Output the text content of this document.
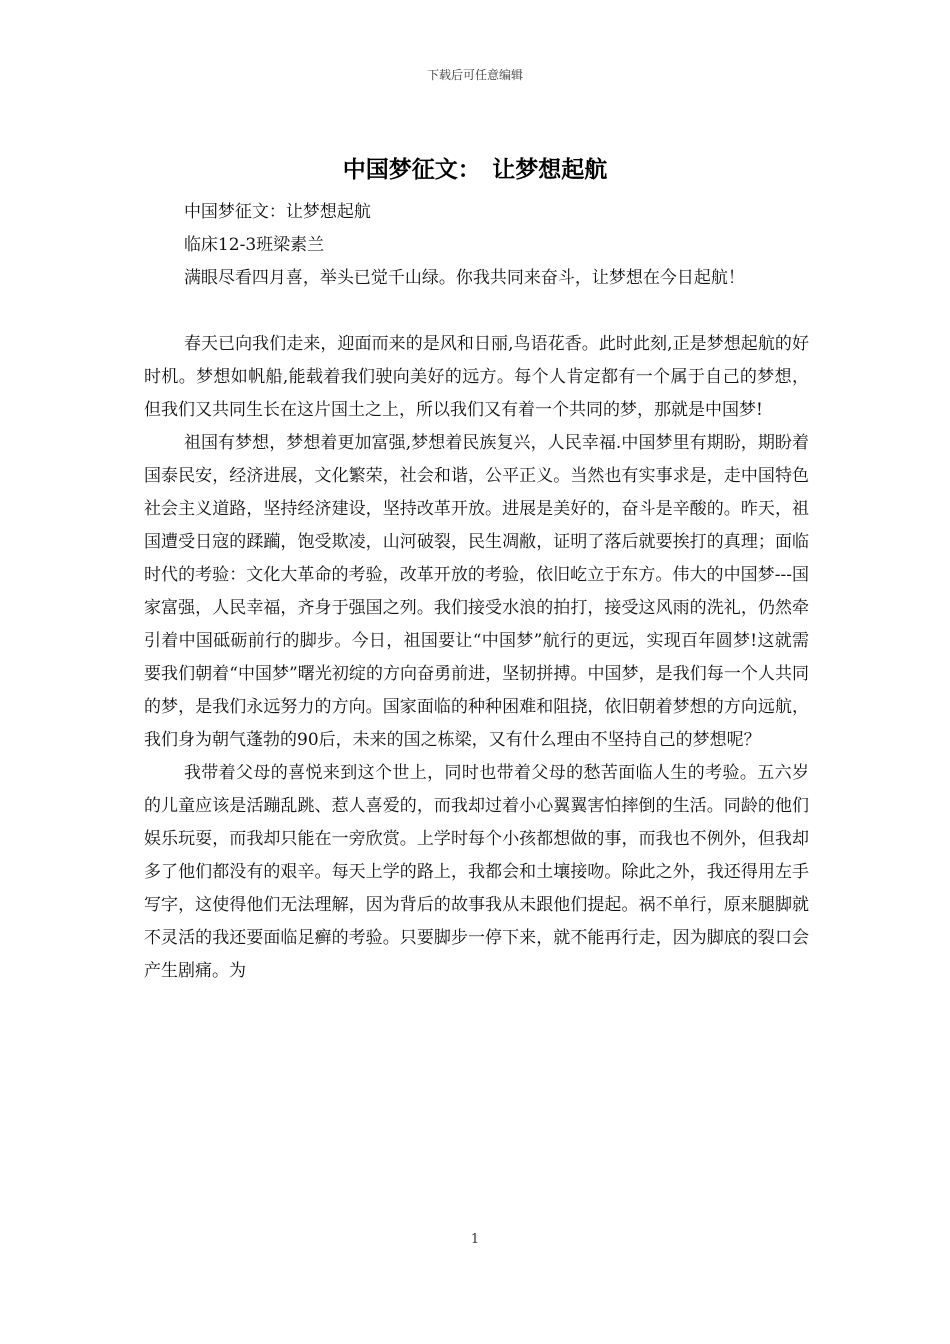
下载后可任意编辑
中国梦征文：　让梦想起航

中国梦征文：让梦想起航

临床12-3班梁素兰

满眼尽看四月喜，举头已觉千山绿。你我共同来奋斗，让梦想在今日起航！

春天已向我们走来，迎面而来的是风和日丽,鸟语花香。此时此刻,正是梦想起航的好时机。梦想如帆船,能载着我们驶向美好的远方。每个人肯定都有一个属于自己的梦想，但我们又共同生长在这片国土之上，所以我们又有着一个共同的梦，那就是中国梦!

祖国有梦想，梦想着更加富强,梦想着民族复兴，人民幸福.中国梦里有期盼，期盼着国泰民安，经济进展，文化繁荣，社会和谐，公平正义。当然也有实事求是，走中国特色社会主义道路，坚持经济建设，坚持改革开放。进展是美好的，奋斗是辛酸的。昨天，祖国遭受日寇的蹂躏，饱受欺凌，山河破裂，民生凋敝，证明了落后就要挨打的真理；面临时代的考验：文化大革命的考验，改革开放的考验，依旧屹立于东方。伟大的中国梦---国家富强，人民幸福，齐身于强国之列。我们接受水浪的拍打，接受这风雨的洗礼，仍然牵引着中国砥砺前行的脚步。今日，祖国要让“中国梦”航行的更远，实现百年圆梦!这就需要我们朝着“中国梦”曙光初绽的方向奋勇前进，坚韧拼搏。中国梦，是我们每一个人共同的梦，是我们永远努力的方向。国家面临的种种困难和阻挠，依旧朝着梦想的方向远航，我们身为朝气蓬勃的90后，未来的国之栋梁，又有什么理由不坚持自己的梦想呢？

我带着父母的喜悦来到这个世上，同时也带着父母的愁苦面临人生的考验。五六岁的儿童应该是活蹦乱跳、惹人喜爱的，而我却过着小心翼翼害怕摔倒的生活。同龄的他们娱乐玩耍，而我却只能在一旁欣赏。上学时每个小孩都想做的事，而我也不例外，但我却多了他们都没有的艰辛。每天上学的路上，我都会和土壤接吻。除此之外，我还得用左手写字，这使得他们无法理解，因为背后的故事我从未跟他们提起。祸不单行，原来腿脚就不灵活的我还要面临足癣的考验。只要脚步一停下来，就不能再行走，因为脚底的裂口会产生剧痛。为

1
